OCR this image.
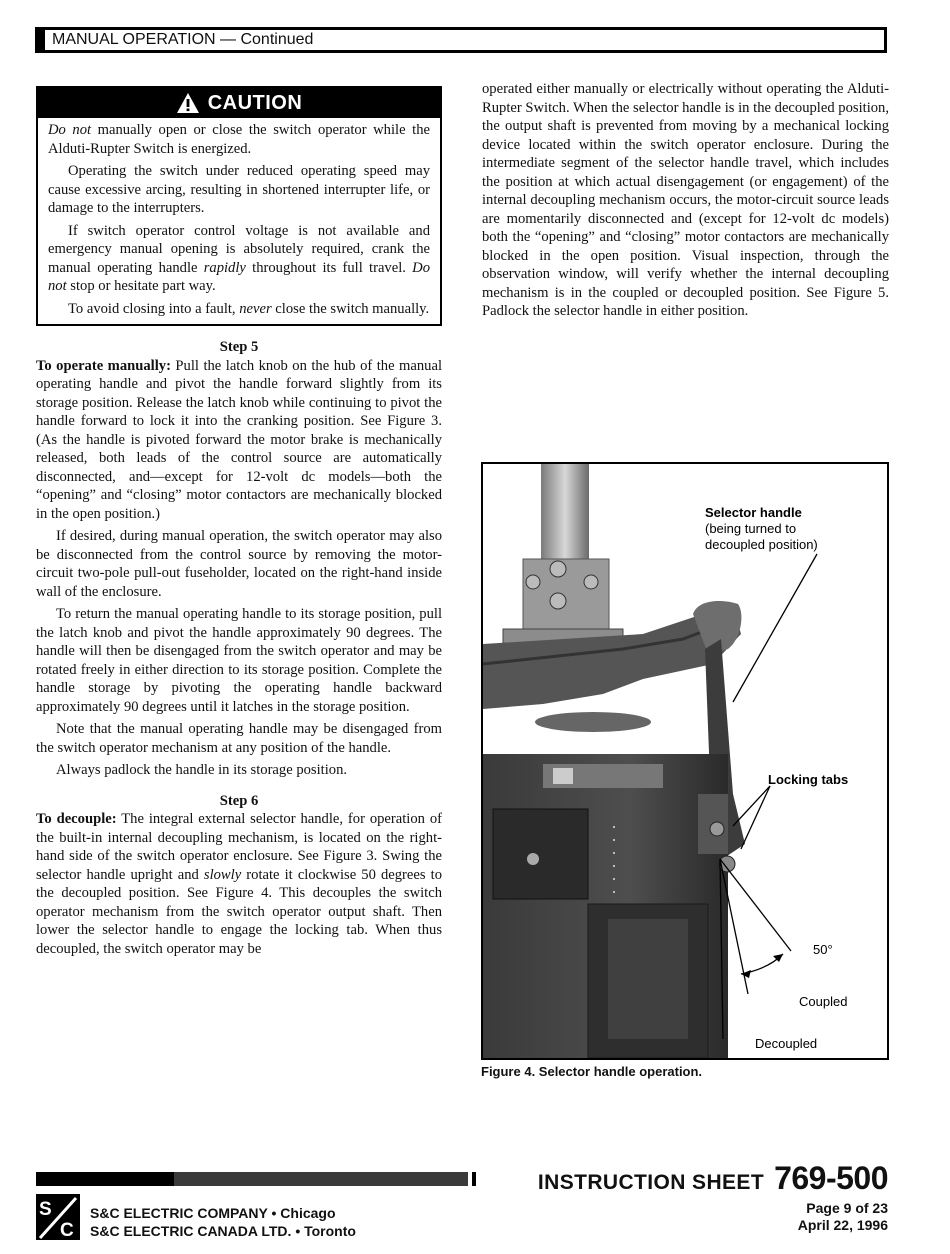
MANUAL OPERATION — Continued
CAUTION

Do not manually open or close the switch operator while the Alduti-Rupter Switch is energized.

Operating the switch under reduced operating speed may cause excessive arcing, resulting in shortened interrupter life, or damage to the interrupters.

If switch operator control voltage is not available and emergency manual opening is absolutely required, crank the manual operating handle rapidly throughout its full travel. Do not stop or hesitate part way.

To avoid closing into a fault, never close the switch manually.

Step 5

To operate manually: Pull the latch knob on the hub of the manual operating handle and pivot the handle forward slightly from its storage position. Release the latch knob while continuing to pivot the handle forward to lock it into the cranking position. See Figure 3. (As the handle is pivoted forward the motor brake is mechanically released, both leads of the control source are automatically disconnected, and—except for 12-volt dc models—both the “opening” and “closing” motor contactors are mechanically blocked in the open position.)

If desired, during manual operation, the switch operator may also be disconnected from the control source by removing the motor-circuit two-pole pull-out fuseholder, located on the right-hand inside wall of the enclosure.

To return the manual operating handle to its storage position, pull the latch knob and pivot the handle approximately 90 degrees. The handle will then be disengaged from the switch operator and may be rotated freely in either direction to its storage position. Complete the handle storage by pivoting the operating handle backward approximately 90 degrees until it latches in the storage position.

Note that the manual operating handle may be disengaged from the switch operator mechanism at any position of the handle.

Always padlock the handle in its storage position.

Step 6

To decouple: The integral external selector handle, for operation of the built-in internal decoupling mechanism, is located on the right-hand side of the switch operator enclosure. See Figure 3. Swing the selector handle upright and slowly rotate it clockwise 50 degrees to the decoupled position. See Figure 4. This decouples the switch operator mechanism from the switch operator output shaft. Then lower the selector handle to engage the locking tab. When thus decoupled, the switch operator may be

operated either manually or electrically without operating the Alduti-Rupter Switch. When the selector handle is in the decoupled position, the output shaft is prevented from moving by a mechanical locking device located within the switch operator enclosure. During the intermediate segment of the selector handle travel, which includes the position at which actual disengagement (or engagement) of the internal decoupling mechanism occurs, the motor-circuit source leads are momentarily disconnected and (except for 12-volt dc models) both the “opening” and “closing” motor contactors are mechanically blocked in the open position. Visual inspection, through the observation window, will verify whether the internal decoupling mechanism is in the coupled or decoupled position. See Figure 5. Padlock the selector handle in either position.

Selector handle
(being turned to
decoupled position)
Locking tabs
50°
Coupled
Decoupled
Figure 4. Selector handle operation.
INSTRUCTION SHEET 769-500
Page 9 of 23
April 22, 1996
S
C
S&C ELECTRIC COMPANY • Chicago
S&C ELECTRIC CANADA LTD. • Toronto
